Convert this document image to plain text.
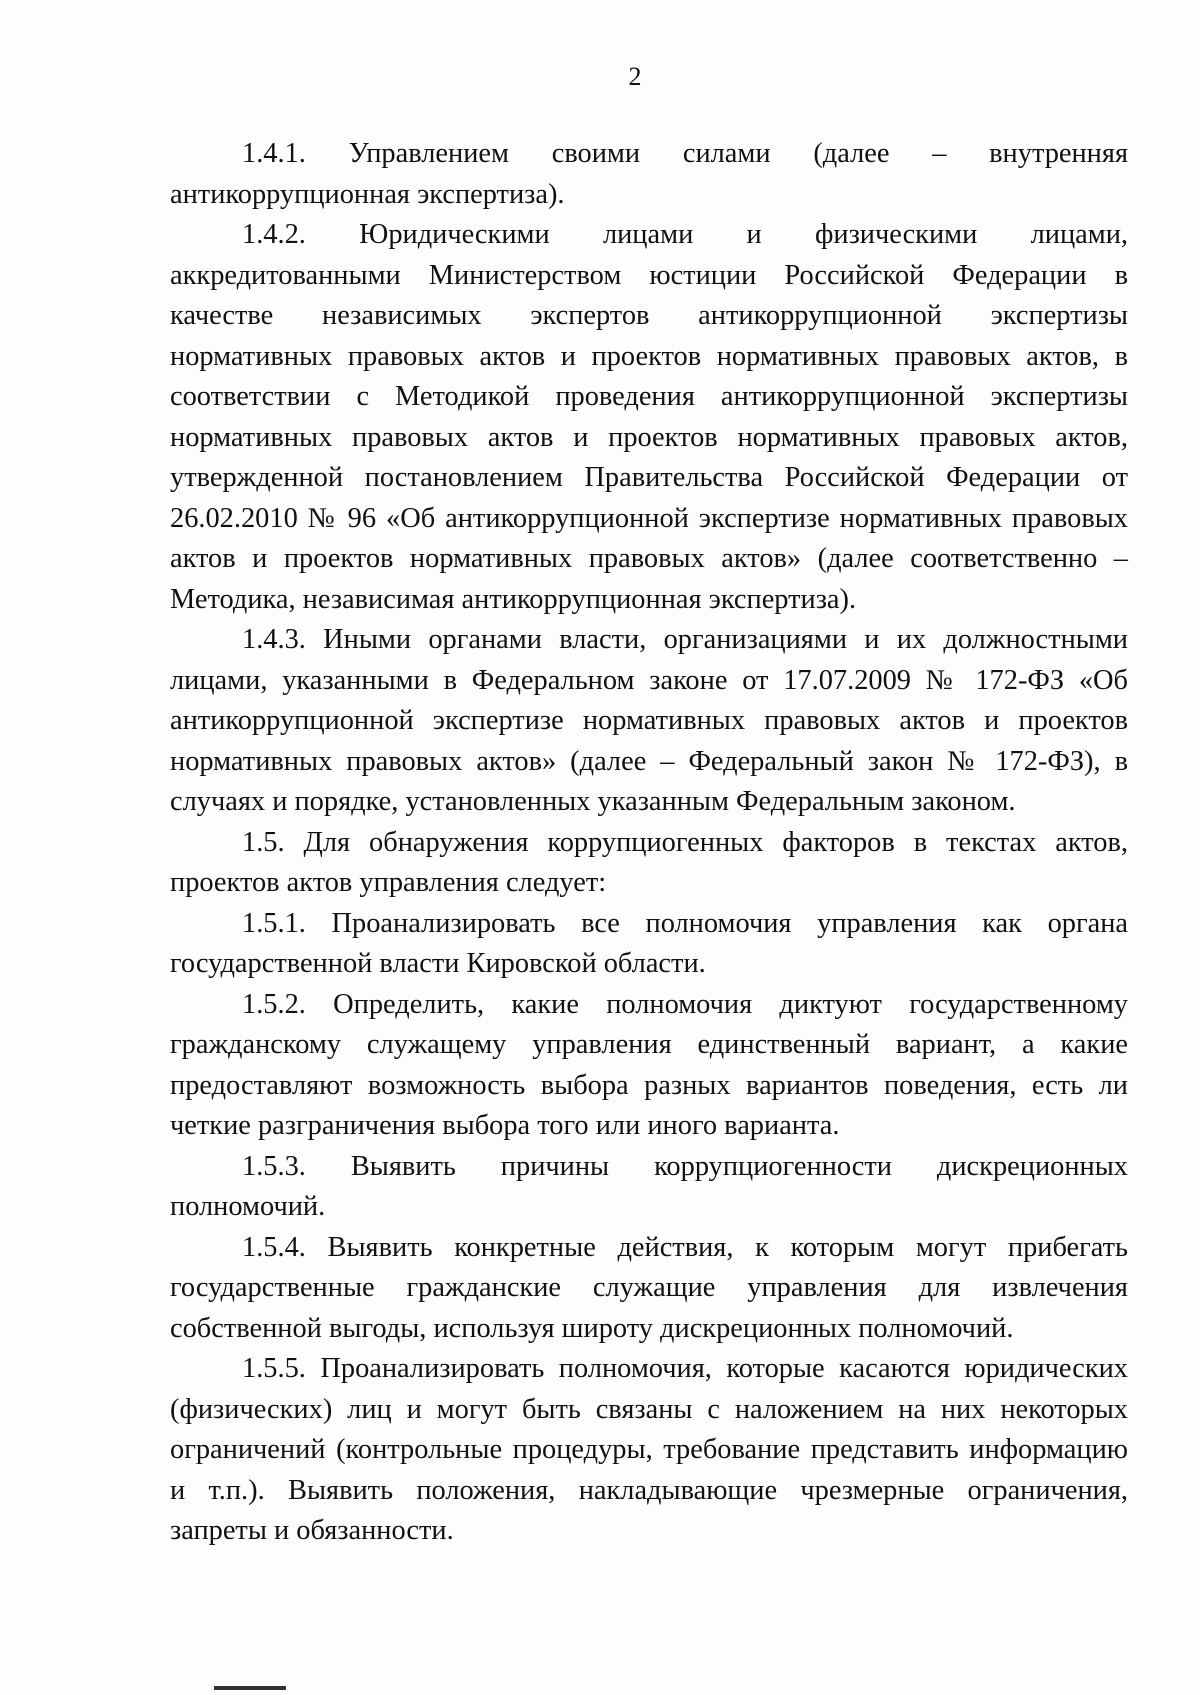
2

1.4.1. Управлением своими силами (далее – внутренняя антикоррупционная экспертиза).

1.4.2. Юридическими лицами и физическими лицами, аккредитованными Министерством юстиции Российской Федерации в качестве независимых экспертов антикоррупционной экспертизы нормативных правовых актов и проектов нормативных правовых актов, в соответствии с Методикой проведения антикоррупционной экспертизы нормативных правовых актов и проектов нормативных правовых актов, утвержденной постановлением Правительства Российской Федерации от 26.02.2010 № 96 «Об антикоррупционной экспертизе нормативных правовых актов и проектов нормативных правовых актов» (далее соответственно – Методика, независимая антикоррупционная экспертиза).

1.4.3. Иными органами власти, организациями и их должностными лицами, указанными в Федеральном законе от 17.07.2009 № 172-ФЗ «Об антикоррупционной экспертизе нормативных правовых актов и проектов нормативных правовых актов» (далее – Федеральный закон № 172-ФЗ), в случаях и порядке, установленных указанным Федеральным законом.

1.5. Для обнаружения коррупциогенных факторов в текстах актов, проектов актов управления следует:

1.5.1. Проанализировать все полномочия управления как органа государственной власти Кировской области.

1.5.2. Определить, какие полномочия диктуют государственному гражданскому служащему управления единственный вариант, а какие предоставляют возможность выбора разных вариантов поведения, есть ли четкие разграничения выбора того или иного варианта.

1.5.3. Выявить причины коррупциогенности дискреционных полномочий.

1.5.4. Выявить конкретные действия, к которым могут прибегать государственные гражданские служащие управления для извлечения собственной выгоды, используя широту дискреционных полномочий.

1.5.5. Проанализировать полномочия, которые касаются юридических (физических) лиц и могут быть связаны с наложением на них некоторых ограничений (контрольные процедуры, требование представить информацию и т.п.). Выявить положения, накладывающие чрезмерные ограничения, запреты и обязанности.
